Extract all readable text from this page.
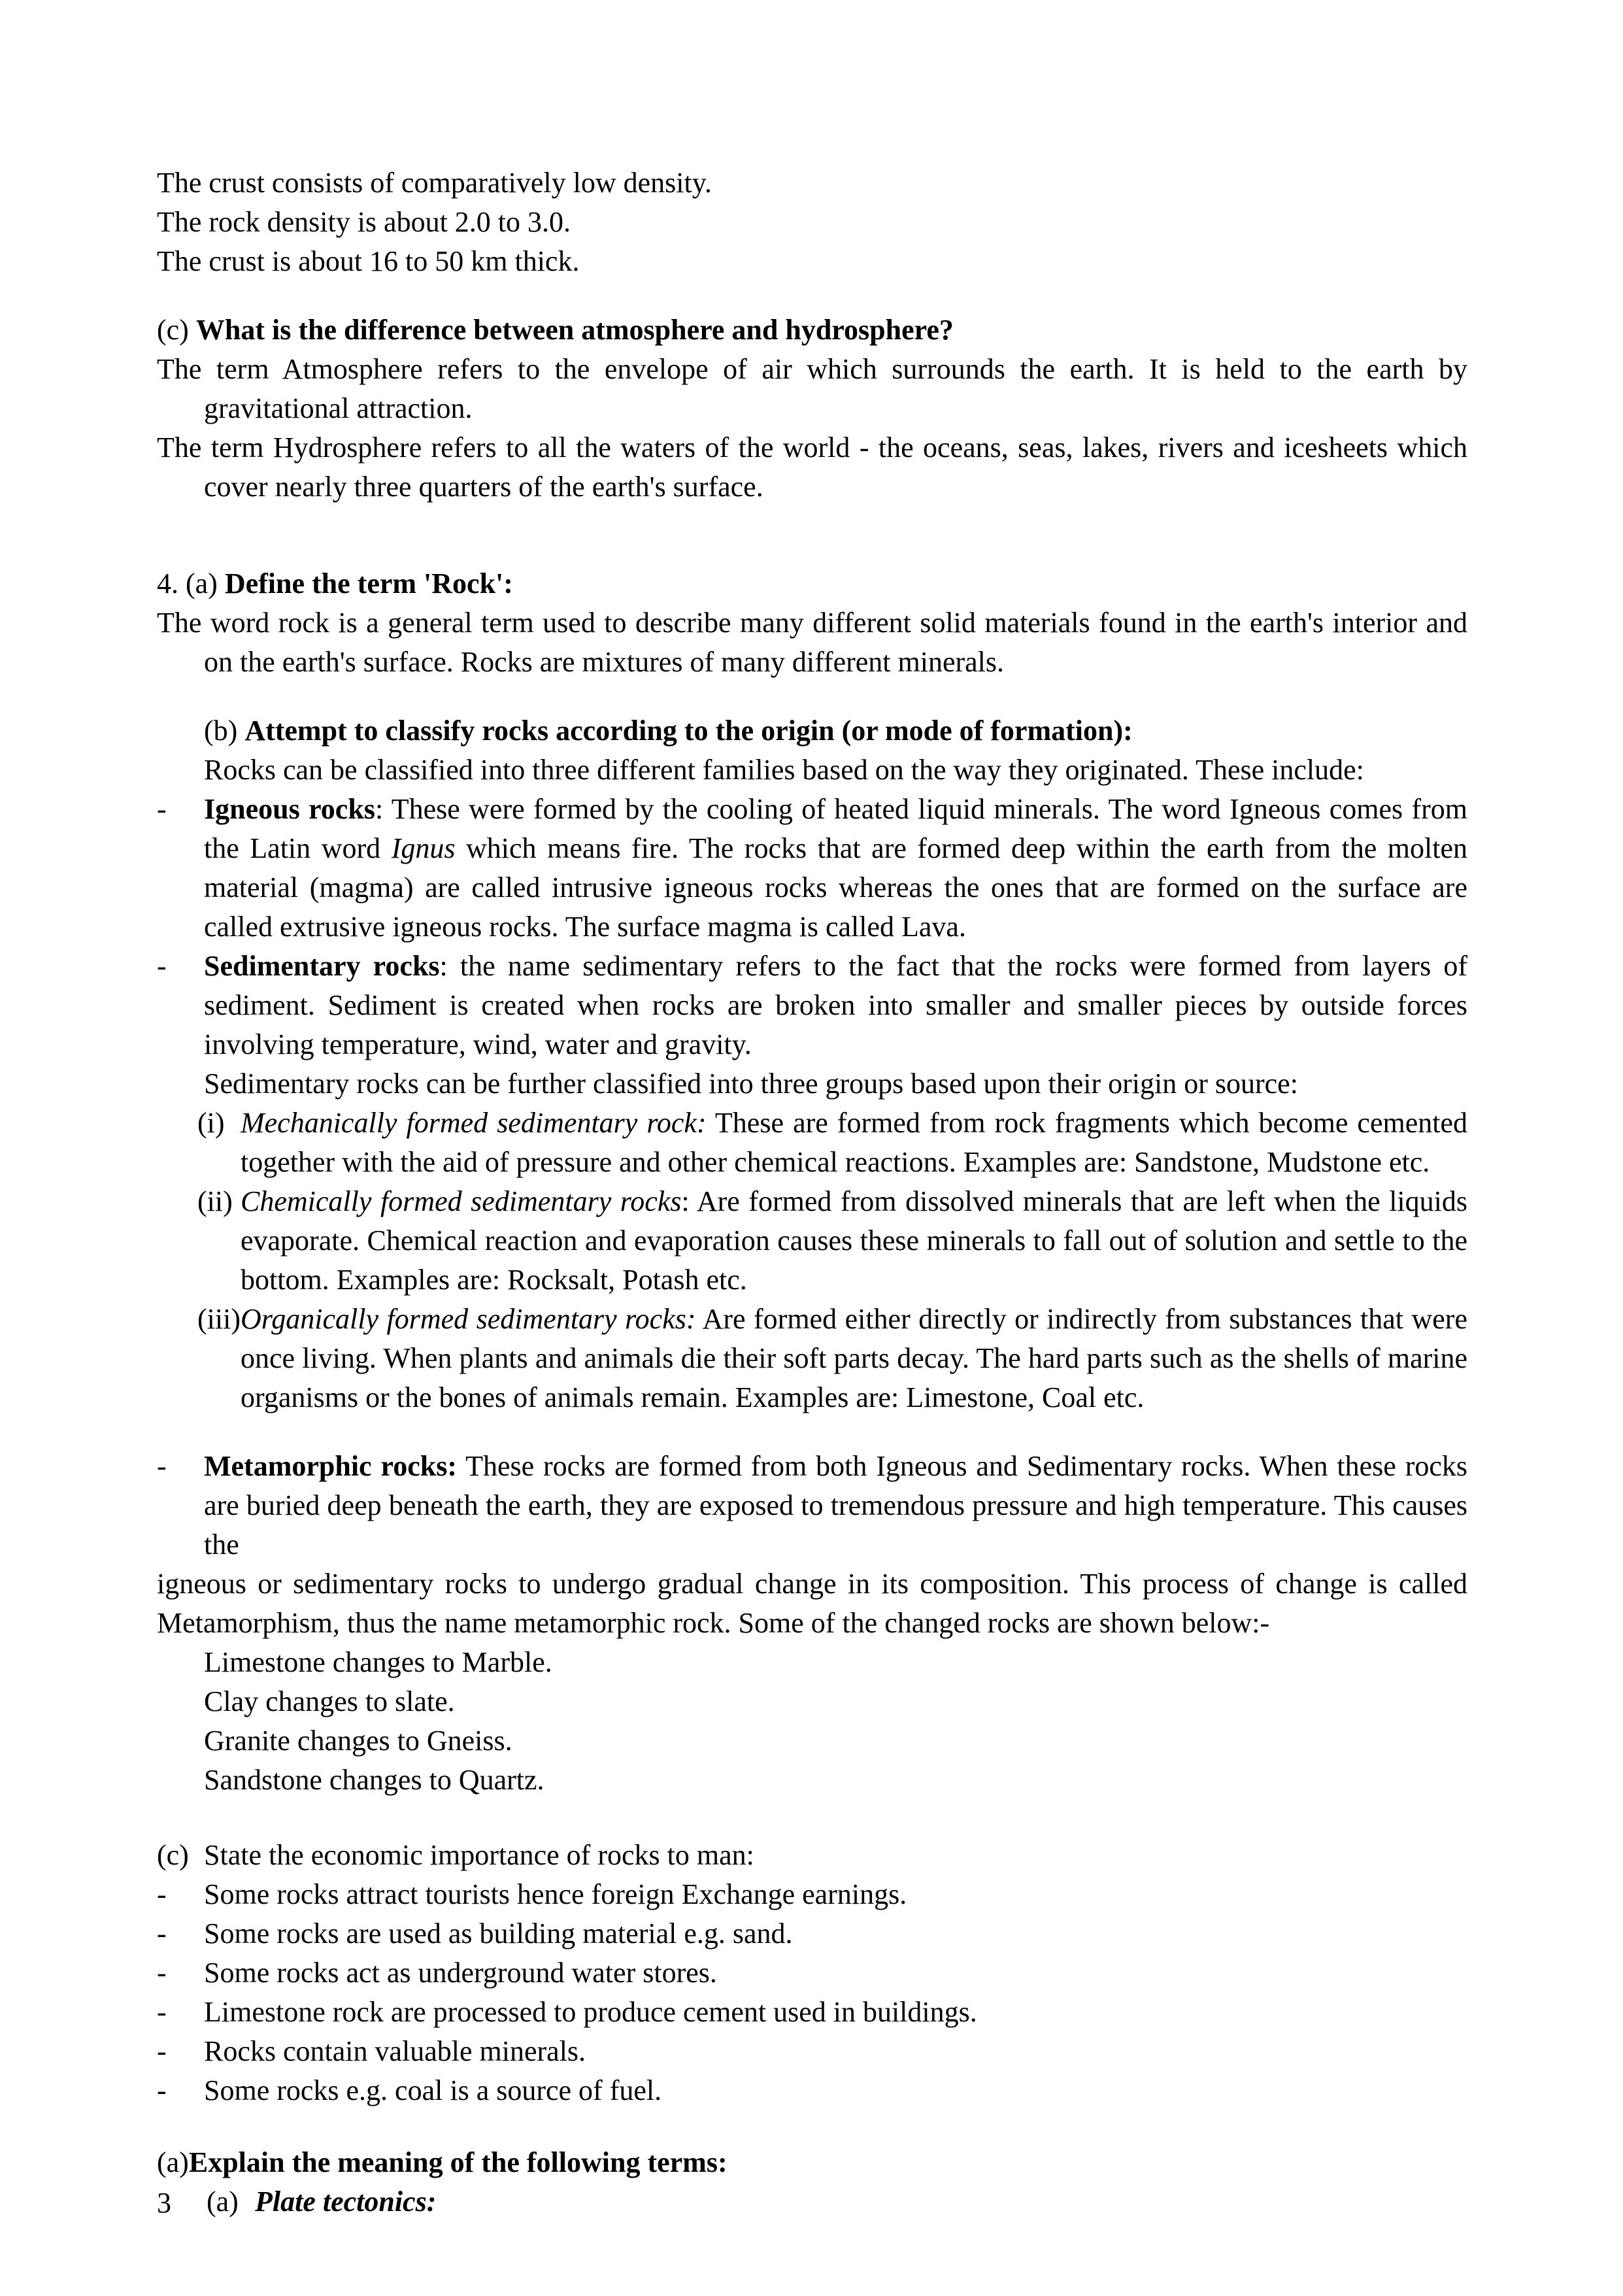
The crust consists of comparatively low density.

The rock density is about 2.0 to 3.0.

The crust is about 16 to 50 km thick.

(c) What is the difference between atmosphere and hydrosphere?

The term Atmosphere refers to the envelope of air which surrounds the earth. It is held to the earth by gravitational attraction.

The term Hydrosphere refers to all the waters of the world - the oceans, seas, lakes, rivers and icesheets which cover nearly three quarters of the earth's surface.

4. (a) Define the term 'Rock':

The word rock is a general term used to describe many different solid materials found in the earth's interior and on the earth's surface. Rocks are mixtures of many different minerals.

(b) Attempt to classify rocks according to the origin (or mode of formation):

Rocks can be classified into three different families based on the way they originated. These include:

- Igneous rocks: These were formed by the cooling of heated liquid minerals. The word Igneous comes from the Latin word Ignus which means fire. The rocks that are formed deep within the earth from the molten material (magma) are called intrusive igneous rocks whereas the ones that are formed on the surface are called extrusive igneous rocks. The surface magma is called Lava.

- Sedimentary rocks: the name sedimentary refers to the fact that the rocks were formed from layers of sediment. Sediment is created when rocks are broken into smaller and smaller pieces by outside forces involving temperature, wind, water and gravity.

Sedimentary rocks can be further classified into three groups based upon their origin or source:

(i) Mechanically formed sedimentary rock: These are formed from rock fragments which become cemented together with the aid of pressure and other chemical reactions. Examples are: Sandstone, Mudstone etc.

(ii) Chemically formed sedimentary rocks: Are formed from dissolved minerals that are left when the liquids evaporate. Chemical reaction and evaporation causes these minerals to fall out of solution and settle to the bottom. Examples are: Rocksalt, Potash etc.

(iii)Organically formed sedimentary rocks: Are formed either directly or indirectly from substances that were once living. When plants and animals die their soft parts decay. The hard parts such as the shells of marine organisms or the bones of animals remain. Examples are: Limestone, Coal etc.

- Metamorphic rocks: These rocks are formed from both Igneous and Sedimentary rocks. When these rocks are buried deep beneath the earth, they are exposed to tremendous pressure and high temperature. This causes the

igneous or sedimentary rocks to undergo gradual change in its composition. This process of change is called Metamorphism, thus the name metamorphic rock. Some of the changed rocks are shown below:-

Limestone changes to Marble.

Clay changes to slate.

Granite changes to Gneiss.

Sandstone changes to Quartz.

(c) State the economic importance of rocks to man:

- Some rocks attract tourists hence foreign Exchange earnings.

- Some rocks are used as building material e.g. sand.

- Some rocks act as underground water stores.

- Limestone rock are processed to produce cement used in buildings.

- Rocks contain valuable minerals.

- Some rocks e.g. coal is a source of fuel.

(a)Explain the meaning of the following terms:

(a) Plate tectonics:

3
